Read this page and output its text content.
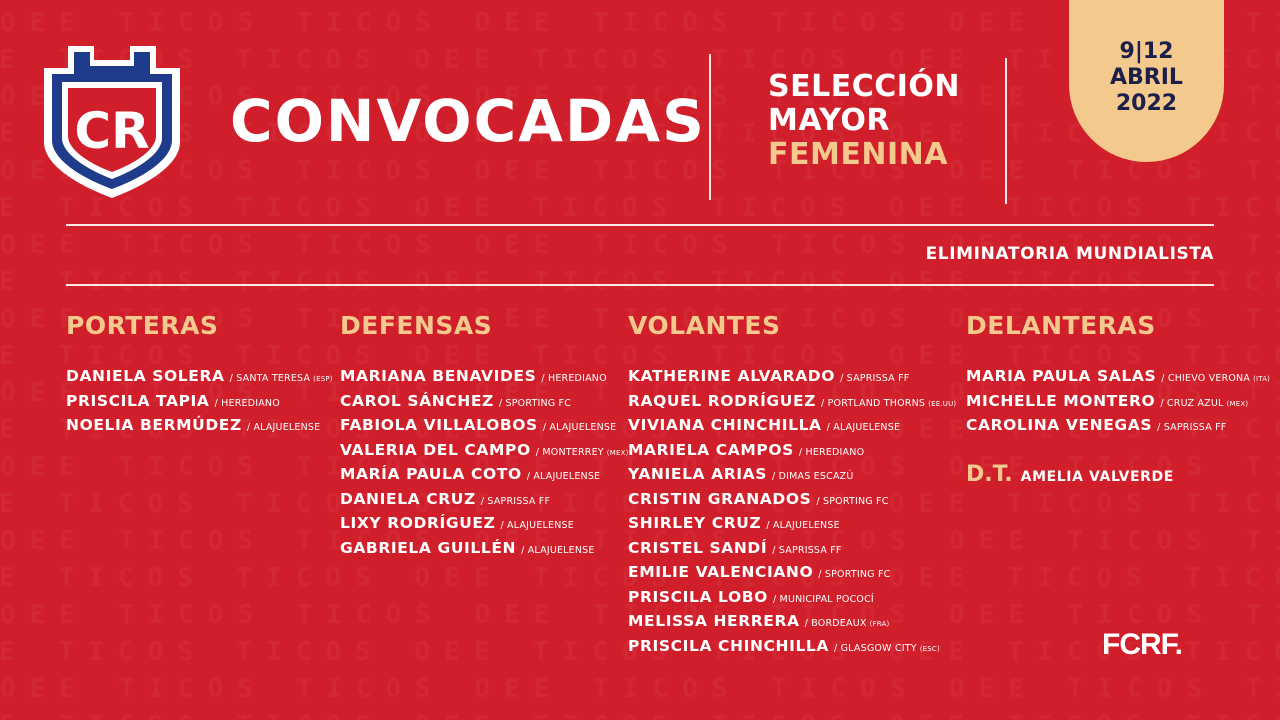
CR CONVOCADAS
SELECCIÓN
MAYOR
FEMENINA
9|12
ABRIL
2022
ELIMINATORIA MUNDIALISTA
PORTERAS
DANIELA SOLERA / SANTA TERESA (ESP)
PRISCILA TAPIA / HEREDIANO
NOELIA BERMÚDEZ / ALAJUELENSE
DEFENSAS
MARIANA BENAVIDES / HEREDIANO
CAROL SÁNCHEZ / SPORTING FC
FABIOLA VILLALOBOS / ALAJUELENSE
VALERIA DEL CAMPO / MONTERREY (MEX)
MARÍA PAULA COTO / ALAJUELENSE
DANIELA CRUZ / SAPRISSA FF
LIXY RODRÍGUEZ / ALAJUELENSE
GABRIELA GUILLÉN / ALAJUELENSE
VOLANTES
KATHERINE ALVARADO / SAPRISSA FF
RAQUEL RODRÍGUEZ / PORTLAND THORNS (EE.UU)
VIVIANA CHINCHILLA / ALAJUELENSE
MARIELA CAMPOS / HEREDIANO
YANIELA ARIAS / DIMAS ESCAZÚ
CRISTIN GRANADOS / SPORTING FC
SHIRLEY CRUZ / ALAJUELENSE
CRISTEL SANDÍ / SAPRISSA FF
EMILIE VALENCIANO / SPORTING FC
PRISCILA LOBO / MUNICIPAL POCOCÍ
MELISSA HERRERA / BORDEAUX (FRA)
PRISCILA CHINCHILLA / GLASGOW CITY (ESC)
DELANTERAS
MARIA PAULA SALAS / CHIEVO VERONA (ITA)
MICHELLE MONTERO / CRUZ AZUL (MEX)
CAROLINA VENEGAS / SAPRISSA FF
D.T. AMELIA VALVERDE
FCRF.
